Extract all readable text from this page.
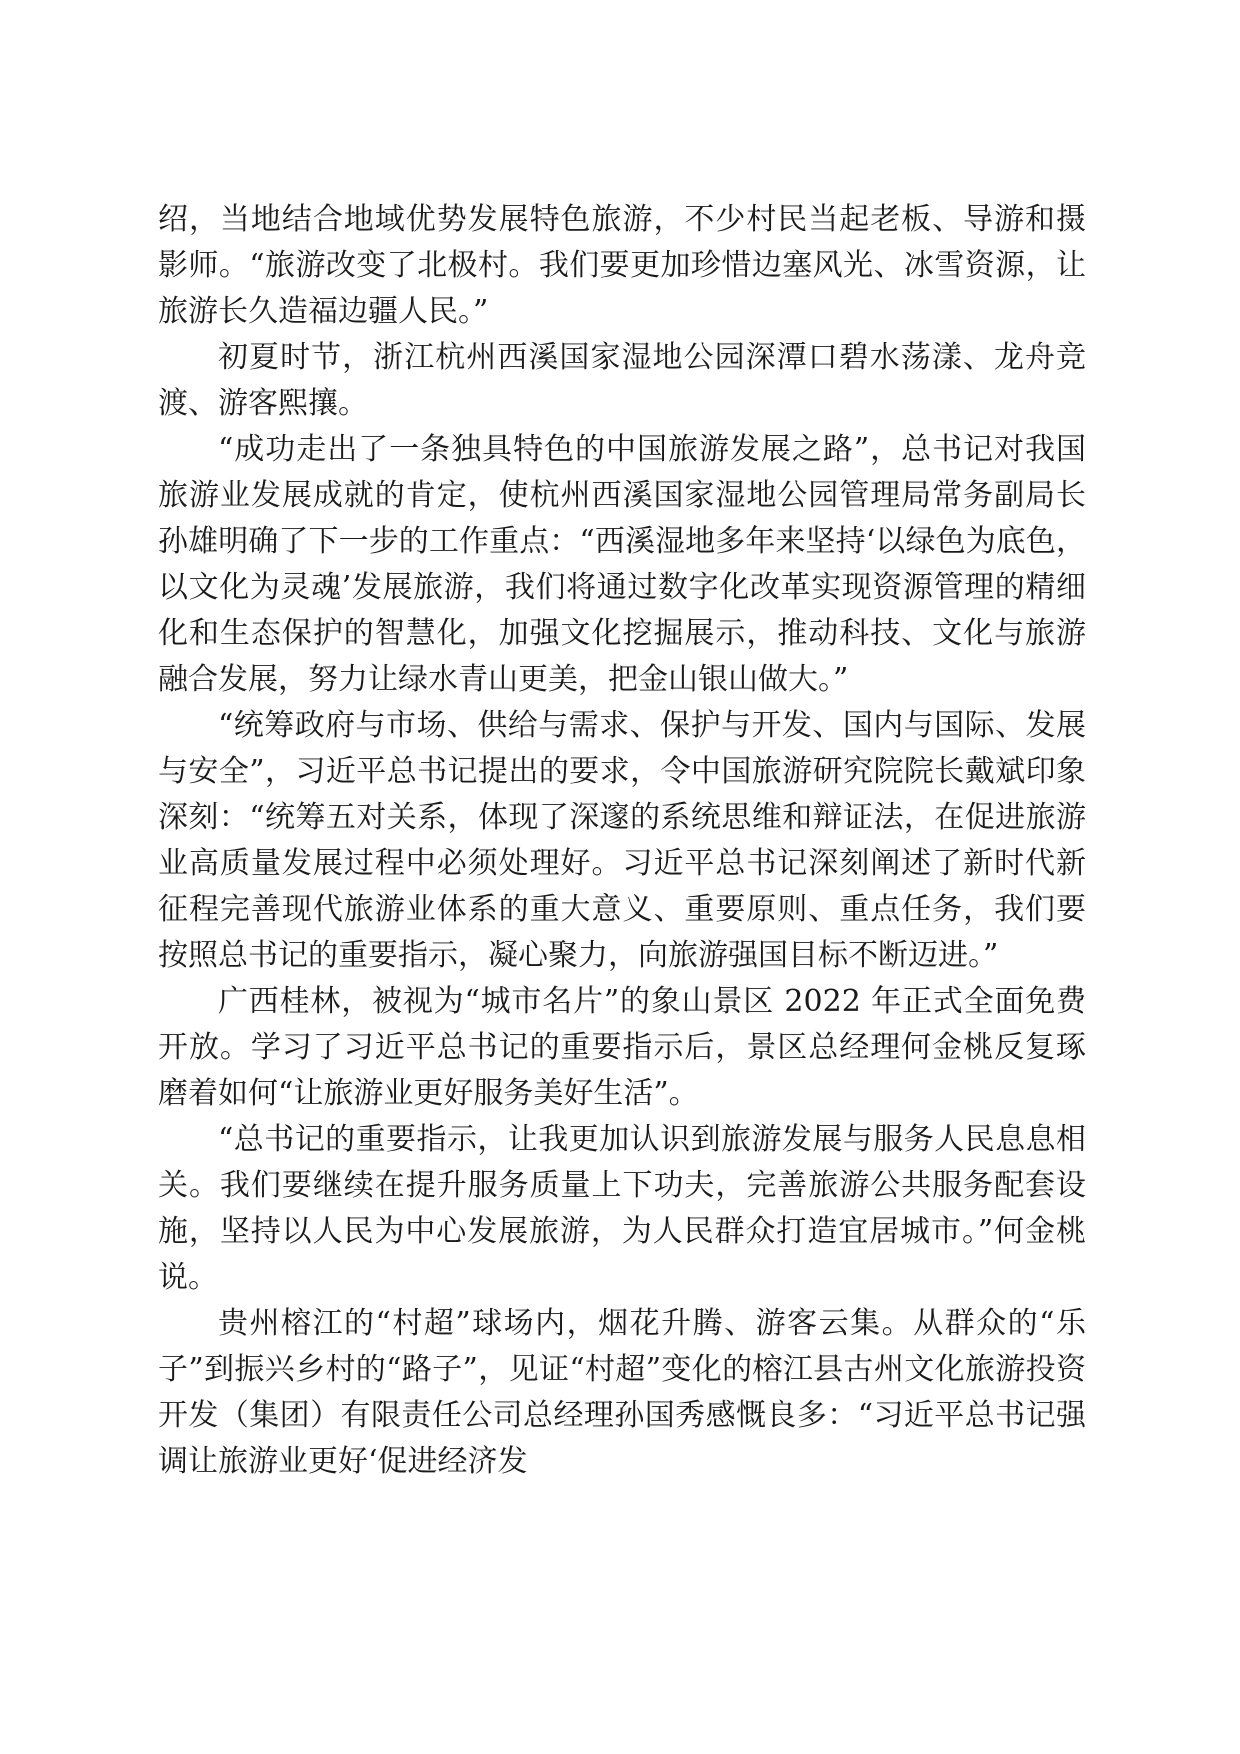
绍，当地结合地域优势发展特色旅游，不少村民当起老板、导游和摄影师。“旅游改变了北极村。我们要更加珍惜边塞风光、冰雪资源，让旅游长久造福边疆人民。”

初夏时节，浙江杭州西溪国家湿地公园深潭口碧水荡漾、龙舟竞渡、游客熙攘。

“成功走出了一条独具特色的中国旅游发展之路”，总书记对我国旅游业发展成就的肯定，使杭州西溪国家湿地公园管理局常务副局长孙雄明确了下一步的工作重点：“西溪湿地多年来坚持‘以绿色为底色，以文化为灵魂’发展旅游，我们将通过数字化改革实现资源管理的精细化和生态保护的智慧化，加强文化挖掘展示，推动科技、文化与旅游融合发展，努力让绿水青山更美，把金山银山做大。”

“统筹政府与市场、供给与需求、保护与开发、国内与国际、发展与安全”，习近平总书记提出的要求，令中国旅游研究院院长戴斌印象深刻：“统筹五对关系，体现了深邃的系统思维和辩证法，在促进旅游业高质量发展过程中必须处理好。习近平总书记深刻阐述了新时代新征程完善现代旅游业体系的重大意义、重要原则、重点任务，我们要按照总书记的重要指示，凝心聚力，向旅游强国目标不断迈进。”

广西桂林，被视为“城市名片”的象山景区 2022 年正式全面免费开放。学习了习近平总书记的重要指示后，景区总经理何金桃反复琢磨着如何“让旅游业更好服务美好生活”。

“总书记的重要指示，让我更加认识到旅游发展与服务人民息息相关。我们要继续在提升服务质量上下功夫，完善旅游公共服务配套设施，坚持以人民为中心发展旅游，为人民群众打造宜居城市。”何金桃说。

贵州榕江的“村超”球场内，烟花升腾、游客云集。从群众的“乐子”到振兴乡村的“路子”，见证“村超”变化的榕江县古州文化旅游投资开发（集团）有限责任公司总经理孙国秀感慨良多：“习近平总书记强调让旅游业更好‘促进经济发
